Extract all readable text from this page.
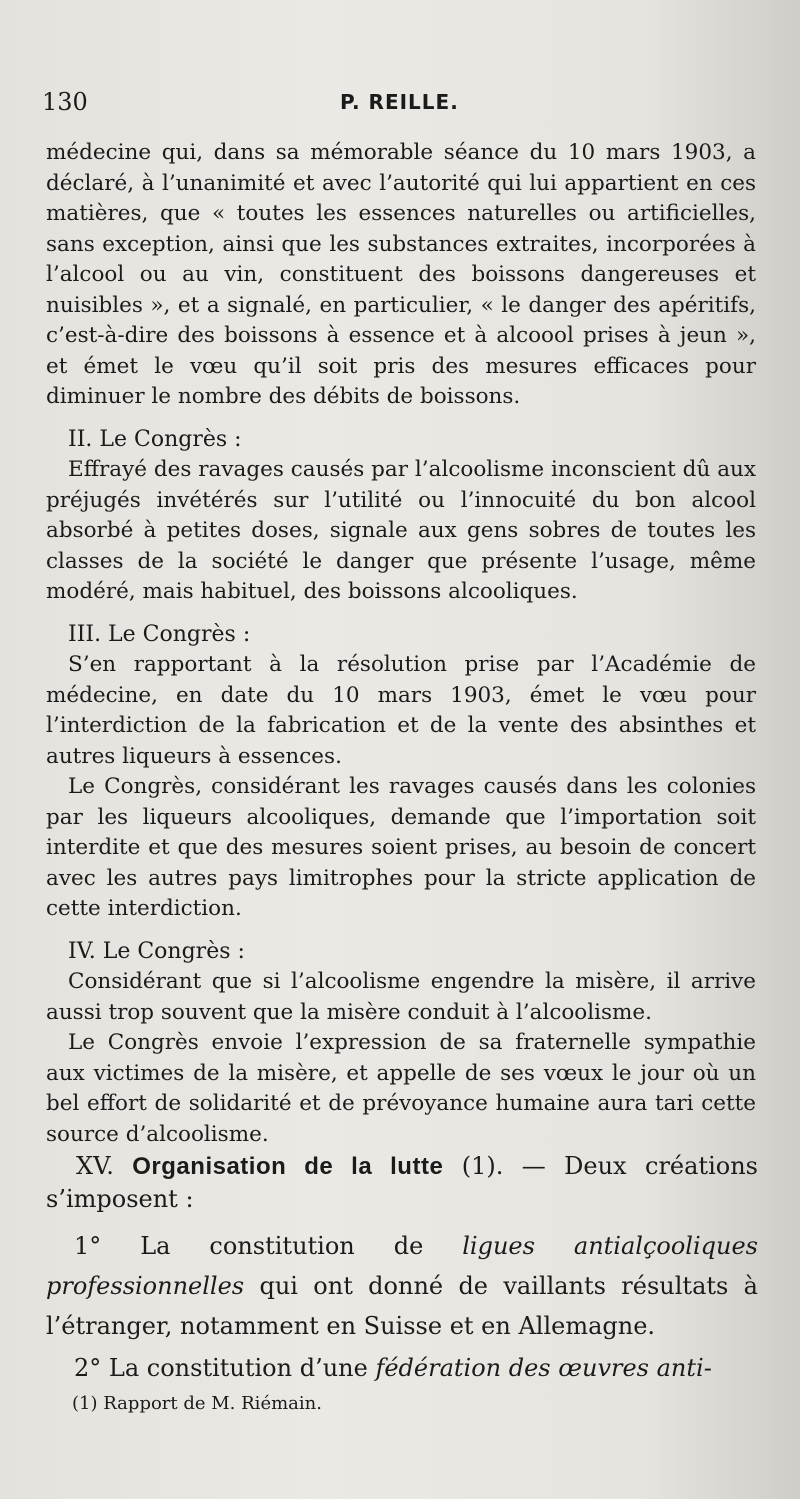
130	P. REILLE.

médecine qui, dans sa mémorable séance du 10 mars 1903, a déclaré, à l’unanimité et avec l’autorité qui lui appartient en ces matières, que « toutes les essences naturelles ou artificielles, sans exception, ainsi que les substances extraites, incorporées à l’alcool ou au vin, constituent des boissons dangereuses et nuisibles », et a signalé, en particulier, « le danger des apéritifs, c’est-à-dire des boissons à essence et à alcoool prises à jeun », et émet le vœu qu’il soit pris des mesures efficaces pour diminuer le nombre des débits de boissons.

II. Le Congrès :

Effrayé des ravages causés par l’alcoolisme inconscient dû aux préjugés invétérés sur l’utilité ou l’innocuité du bon alcool absorbé à petites doses, signale aux gens sobres de toutes les classes de la société le danger que présente l’usage, même modéré, mais habituel, des boissons alcooliques.

III. Le Congrès :

S’en rapportant à la résolution prise par l’Académie de médecine, en date du 10 mars 1903, émet le vœu pour l’interdiction de la fabrication et de la vente des absinthes et autres liqueurs à essences.

Le Congrès, considérant les ravages causés dans les colonies par les liqueurs alcooliques, demande que l’importation soit interdite et que des mesures soient prises, au besoin de concert avec les autres pays limitrophes pour la stricte application de cette interdiction.

IV. Le Congrès :

Considérant que si l’alcoolisme engendre la misère, il arrive aussi trop souvent que la misère conduit à l’alcoolisme.

Le Congrès envoie l’expression de sa fraternelle sympathie aux victimes de la misère, et appelle de ses vœux le jour où un bel effort de solidarité et de prévoyance humaine aura tari cette source d’alcoolisme.

XV. Organisation de la lutte (1). — Deux créations s’imposent :

1° La constitution de ligues antialçooliques professionnelles qui ont donné de vaillants résultats à l’étranger, notamment en Suisse et en Allemagne.

2° La constitution d’une fédération des œuvres anti-

(1) Rapport de M. Riémain.
